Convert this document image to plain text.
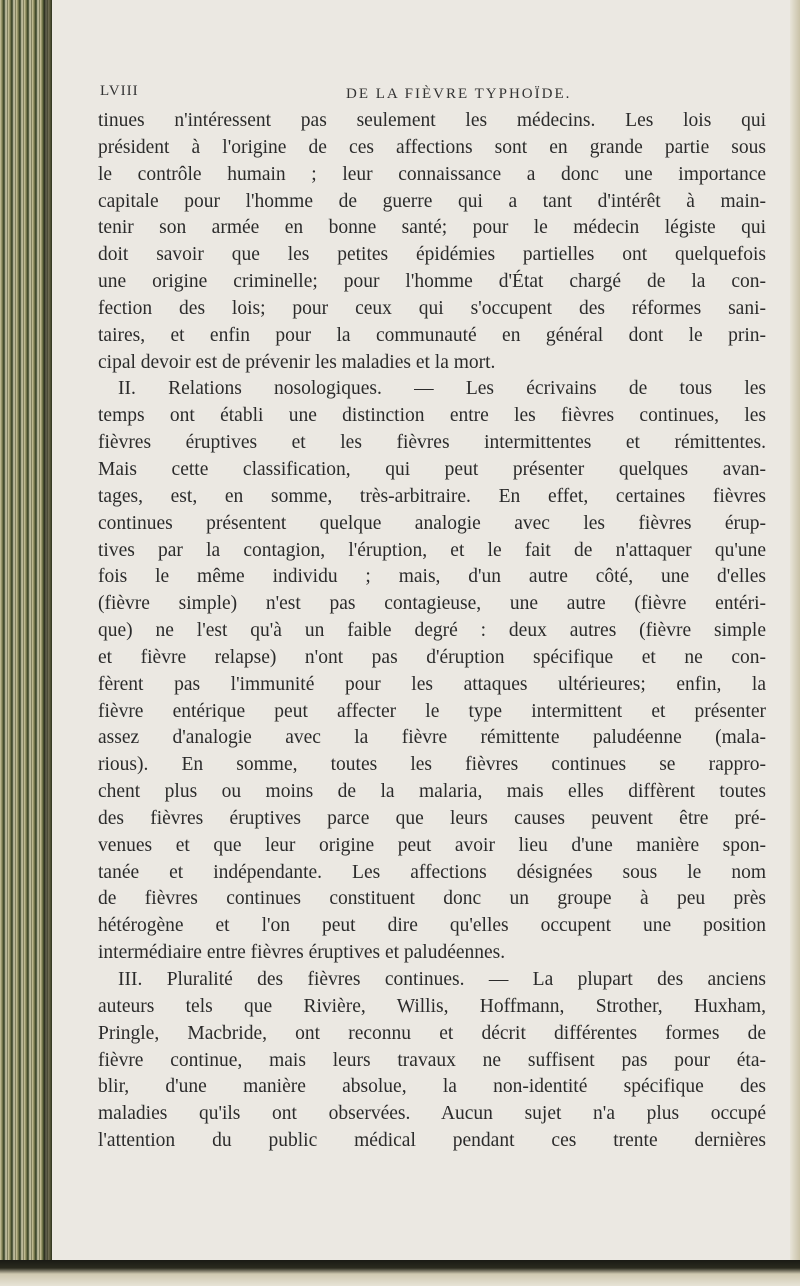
LVIII	DE LA FIÈVRE TYPHOÏDE.
tinues n'intéressent pas seulement les médecins. Les lois qui
président à l'origine de ces affections sont en grande partie sous
le contrôle humain ; leur connaissance a donc une importance
capitale pour l'homme de guerre qui a tant d'intérêt à main-
tenir son armée en bonne santé; pour le médecin légiste qui
doit savoir que les petites épidémies partielles ont quelquefois
une origine criminelle; pour l'homme d'État chargé de la con-
fection des lois; pour ceux qui s'occupent des réformes sani-
taires, et enfin pour la communauté en général dont le prin-
cipal devoir est de prévenir les maladies et la mort.
II. Relations nosologiques. — Les écrivains de tous les
temps ont établi une distinction entre les fièvres continues, les
fièvres éruptives et les fièvres intermittentes et rémittentes.
Mais cette classification, qui peut présenter quelques avan-
tages, est, en somme, très-arbitraire. En effet, certaines fièvres
continues présentent quelque analogie avec les fièvres érup-
tives par la contagion, l'éruption, et le fait de n'attaquer qu'une
fois le même individu ; mais, d'un autre côté, une d'elles
(fièvre simple) n'est pas contagieuse, une autre (fièvre entéri-
que) ne l'est qu'à un faible degré : deux autres (fièvre simple
et fièvre relapse) n'ont pas d'éruption spécifique et ne con-
fèrent pas l'immunité pour les attaques ultérieures; enfin, la
fièvre entérique peut affecter le type intermittent et présenter
assez d'analogie avec la fièvre rémittente paludéenne (mala-
rious). En somme, toutes les fièvres continues se rappro-
chent plus ou moins de la malaria, mais elles diffèrent toutes
des fièvres éruptives parce que leurs causes peuvent être pré-
venues et que leur origine peut avoir lieu d'une manière spon-
tanée et indépendante. Les affections désignées sous le nom
de fièvres continues constituent donc un groupe à peu près
hétérogène et l'on peut dire qu'elles occupent une position
intermédiaire entre fièvres éruptives et paludéennes.
III. Pluralité des fièvres continues. — La plupart des anciens
auteurs tels que Rivière, Willis, Hoffmann, Strother, Huxham,
Pringle, Macbride, ont reconnu et décrit différentes formes de
fièvre continue, mais leurs travaux ne suffisent pas pour éta-
blir, d'une manière absolue, la non-identité spécifique des
maladies qu'ils ont observées. Aucun sujet n'a plus occupé
l'attention du public médical pendant ces trente dernières
